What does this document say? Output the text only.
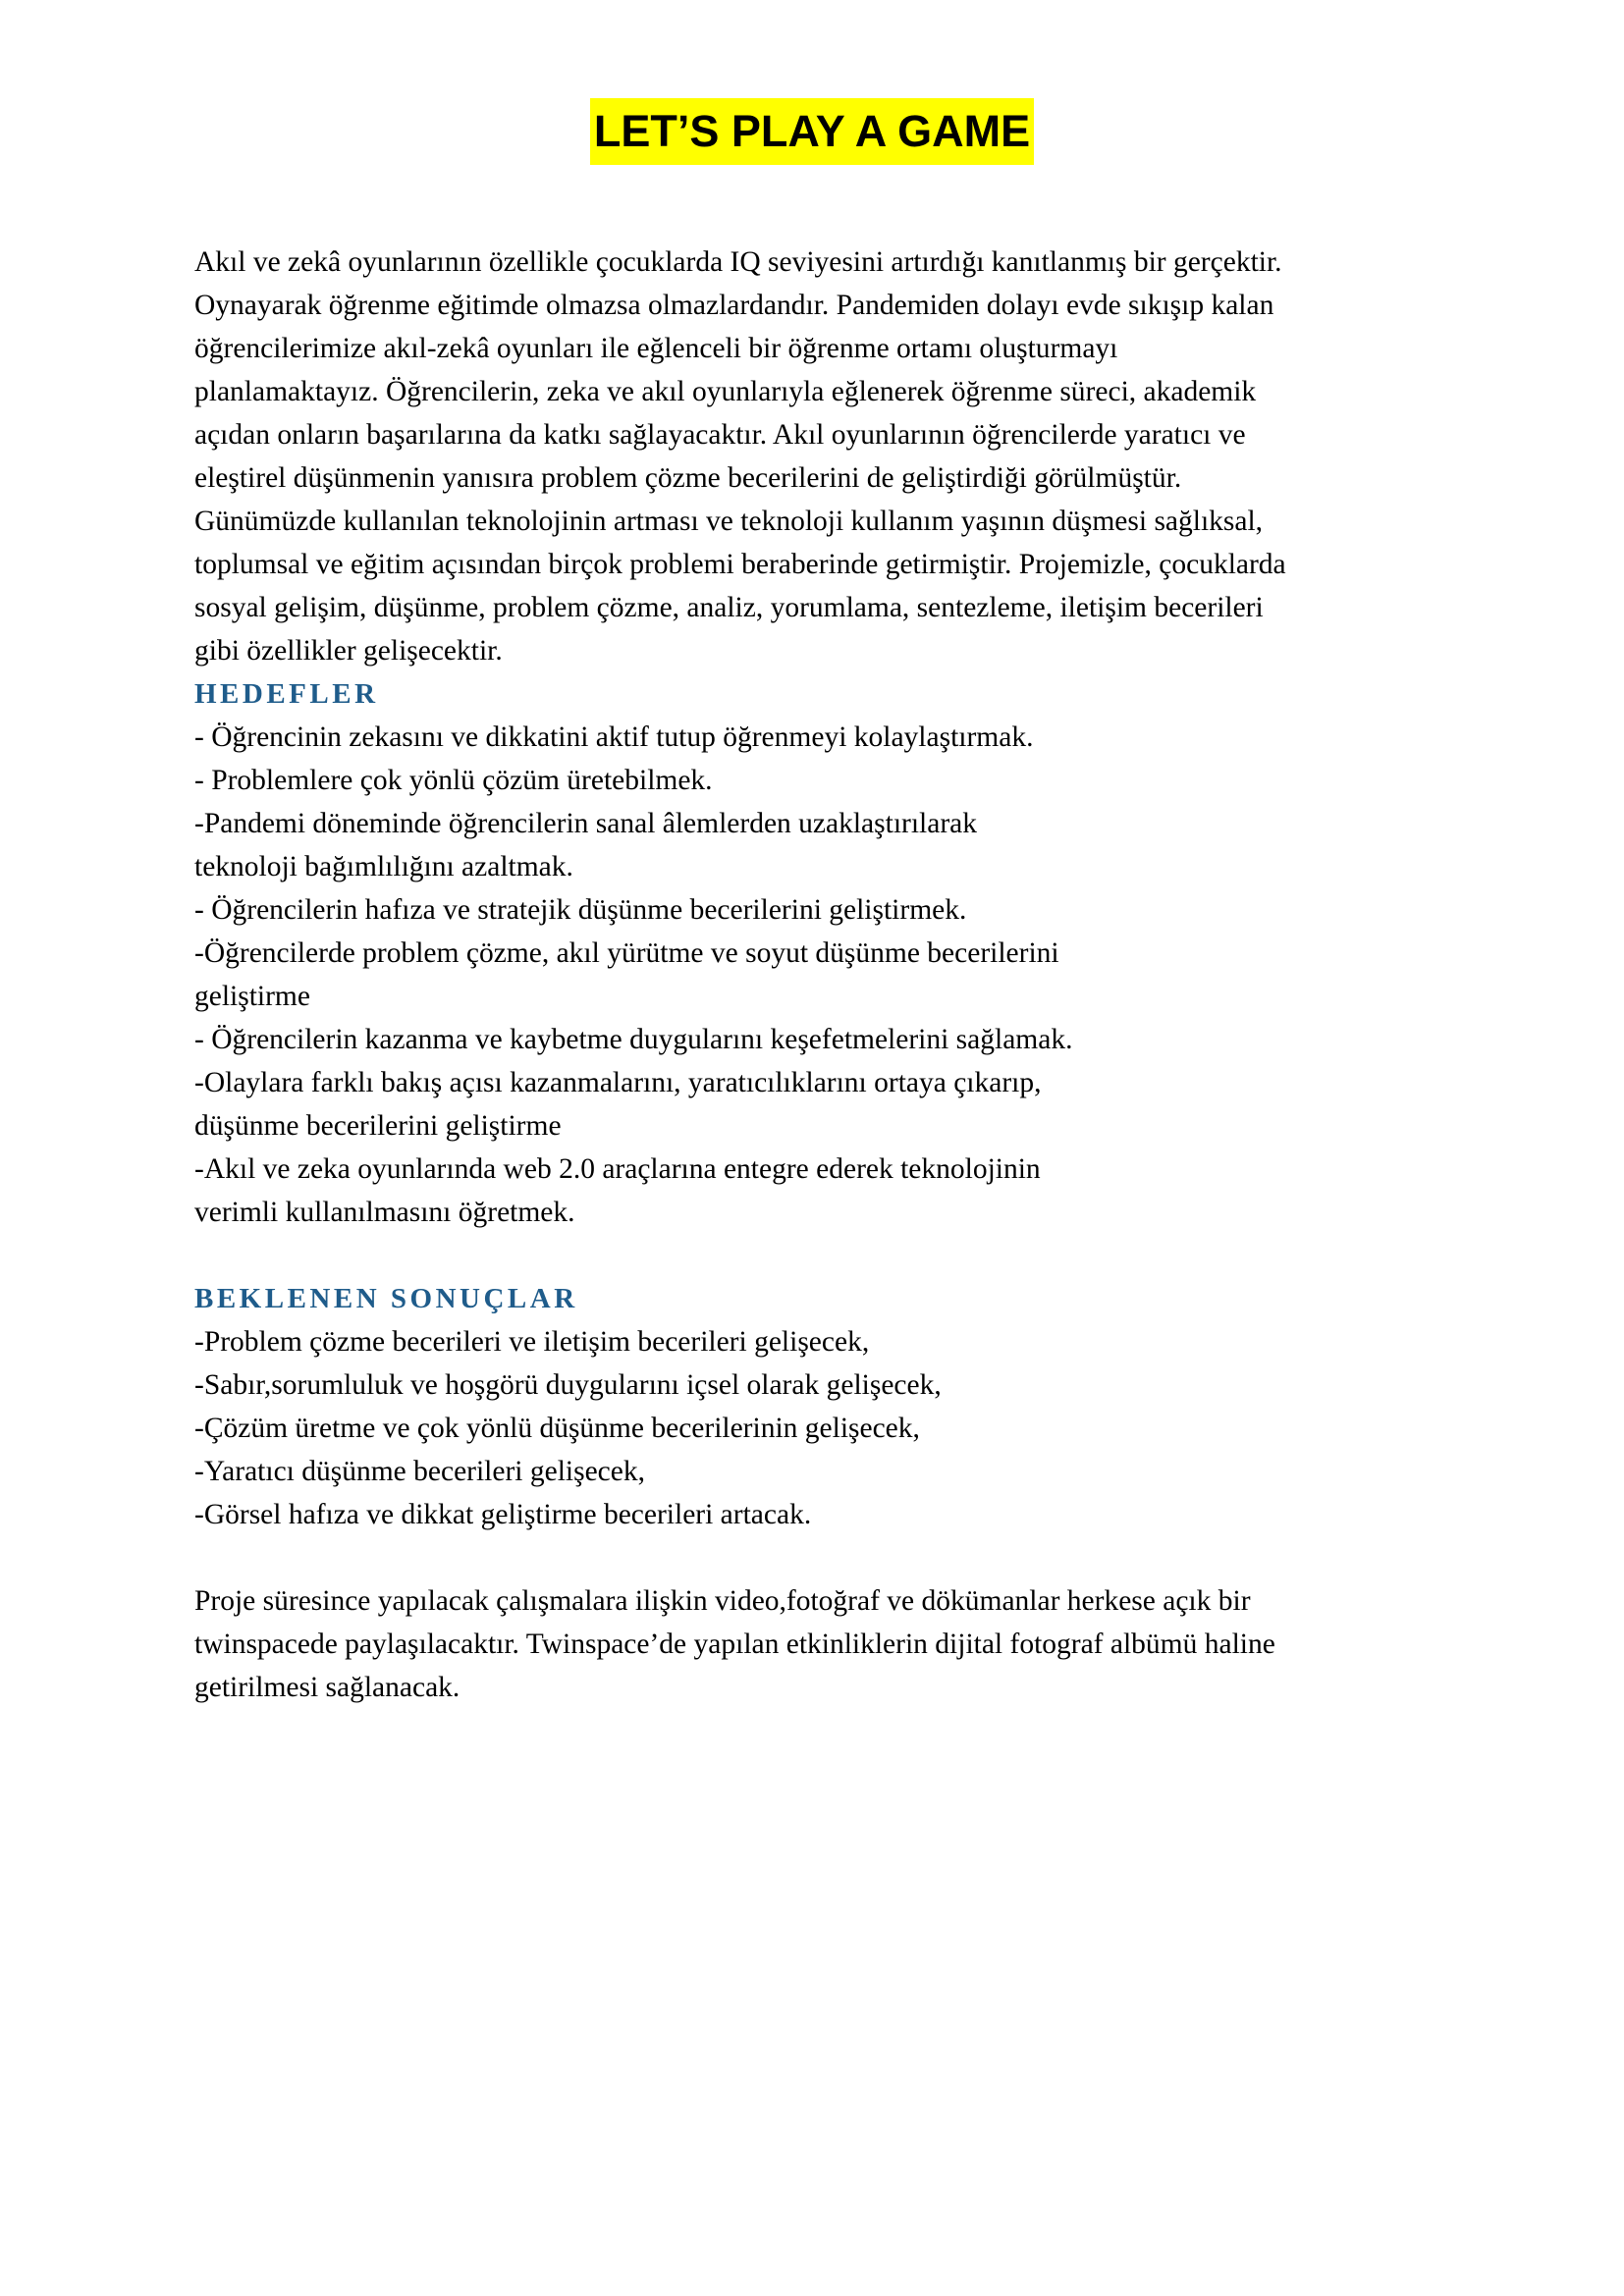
LET’S PLAY A GAME
Akıl ve zekâ oyunlarının özellikle çocuklarda IQ seviyesini artırdığı kanıtlanmış bir gerçektir.
Oynayarak öğrenme eğitimde olmazsa olmazlardandır. Pandemiden dolayı evde sıkışıp kalan
öğrencilerimize akıl-zekâ oyunları ile eğlenceli bir öğrenme ortamı oluşturmayı
planlamaktayız. Öğrencilerin, zeka ve akıl oyunlarıyla eğlenerek öğrenme süreci, akademik
açıdan onların başarılarına da katkı sağlayacaktır. Akıl oyunlarının öğrencilerde yaratıcı ve
eleştirel düşünmenin yanısıra problem çözme becerilerini de geliştirdiği görülmüştür.
Günümüzde kullanılan teknolojinin artması ve teknoloji kullanım yaşının düşmesi sağlıksal,
toplumsal ve eğitim açısından birçok problemi beraberinde getirmiştir. Projemizle, çocuklarda
sosyal gelişim, düşünme, problem çözme, analiz, yorumlama, sentezleme, iletişim becerileri
gibi özellikler gelişecektir.
HEDEFLER
- Öğrencinin zekasını ve dikkatini aktif tutup öğrenmeyi kolaylaştırmak.
- Problemlere çok yönlü çözüm üretebilmek.
-Pandemi döneminde öğrencilerin sanal âlemlerden uzaklaştırılarak
teknoloji bağımlılığını azaltmak.
- Öğrencilerin hafıza ve stratejik düşünme becerilerini geliştirmek.
-Öğrencilerde problem çözme, akıl yürütme ve soyut düşünme becerilerini
geliştirme
- Öğrencilerin kazanma ve kaybetme duygularını keşefetmelerini sağlamak.
-Olaylara farklı bakış açısı kazanmalarını, yaratıcılıklarını ortaya çıkarıp,
düşünme becerilerini geliştirme
-Akıl ve zeka oyunlarında web 2.0 araçlarına entegre ederek teknolojinin
verimli kullanılmasını öğretmek.
BEKLENEN SONUÇLAR
-Problem çözme becerileri ve iletişim becerileri gelişecek,
-Sabır,sorumluluk ve hoşgörü duygularını içsel olarak gelişecek,
-Çözüm üretme ve çok yönlü düşünme becerilerinin gelişecek,
-Yaratıcı düşünme becerileri gelişecek,
-Görsel hafıza ve dikkat geliştirme becerileri artacak.
Proje süresince yapılacak çalışmalara ilişkin video,fotoğraf ve dökümanlar herkese açık bir
twinspacede paylaşılacaktır. Twinspace’de yapılan etkinliklerin dijital fotograf albümü haline
getirilmesi sağlanacak.
